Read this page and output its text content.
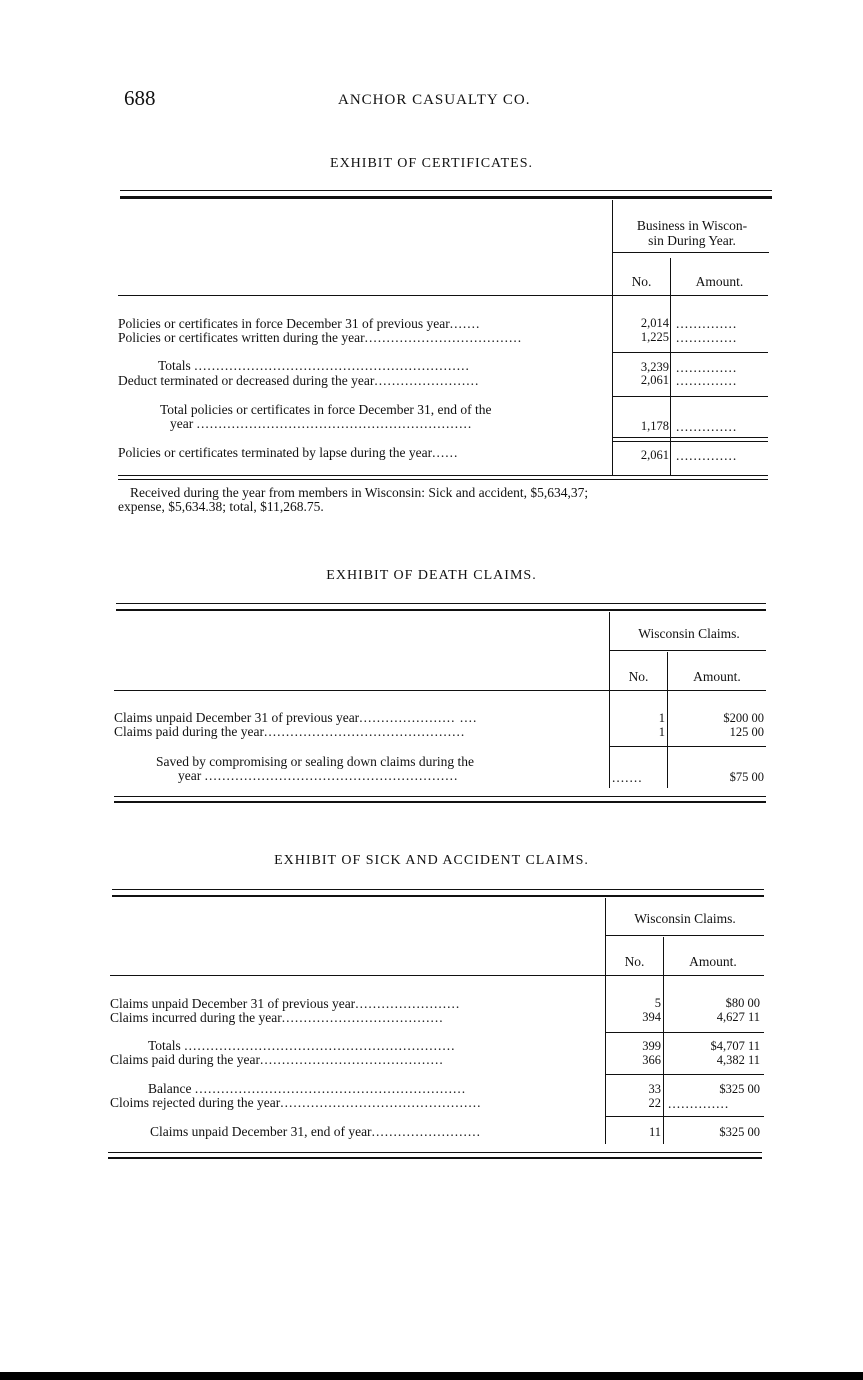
688	ANCHOR CASUALTY CO.
EXHIBIT OF CERTIFICATES.
Business in Wiscon-sin During Year.
No.	Amount.
Policies or certificates in force December 31 of previous year.......	2,014 ..............
Policies or certificates written during the year....................................	1,225 ..............
Totals ...............................................................	3,239 ..............
Deduct terminated or decreased during the year........................	2,061 ..............
Total policies or certificates in force December 31, end of the
year ...............................................................	1,178 ..............
Policies or certificates terminated by lapse during the year......	2,061 ..............
Received during the year from members in Wisconsin: Sick and accident, $5,634,37;
expense, $5,634.38; total, $11,268.75.
EXHIBIT OF DEATH CLAIMS.
Wisconsin Claims.
No.	Amount.
Claims unpaid December 31 of previous year...................... ....	1	$200 00
Claims paid during the year..............................................	1	125 00
Saved by compromising or sealing down claims during the
year ..........................................................	.......	$75 00
EXHIBIT OF SICK AND ACCIDENT CLAIMS.
Wisconsin Claims.
No.	Amount.
Claims unpaid December 31 of previous year........................	5	$80 00
Claims incurred during the year.....................................	394	4,627 11
Totals ..............................................................	399	$4,707 11
Claims paid during the year..........................................	366	4,382 11
Balance ..............................................................	33	$325 00
Cloims rejected during the year..............................................	22 ..............
Claims unpaid December 31, end of year.........................	11	$325 00
